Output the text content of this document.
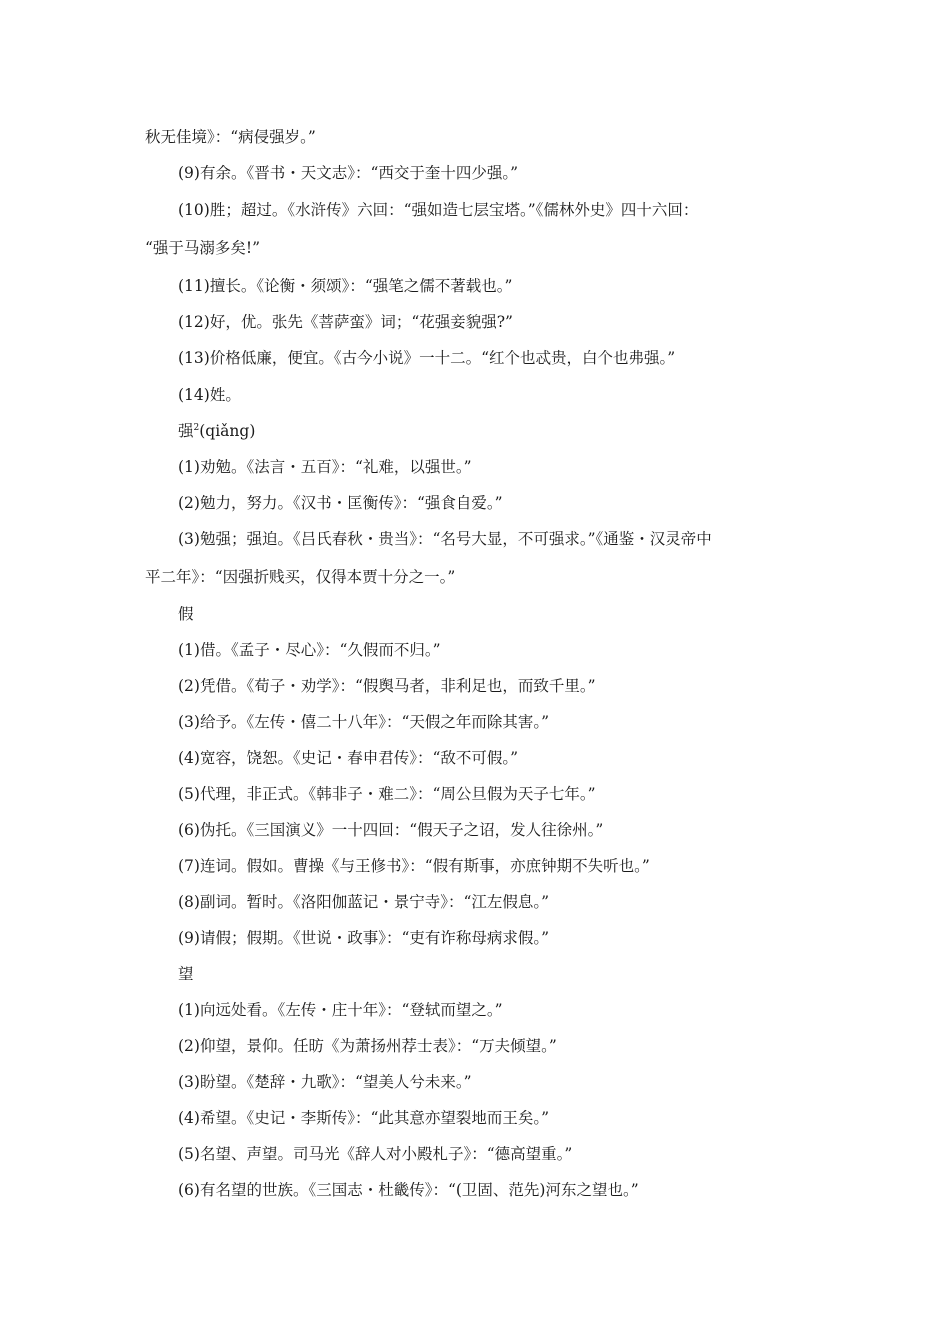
秋无佳境》：“病侵强岁。”
(9)有余。《晋书・天文志》：“西交于奎十四少强。”
(10)胜；超过。《水浒传》六回：“强如造七层宝塔。”《儒林外史》四十六回：
“强于马溺多矣!”
(11)擅长。《论衡・须颂》：“强笔之儒不著载也。”
(12)好，优。张先《菩萨蛮》词；“花强妾貌强?”
(13)价格低廉，便宜。《古今小说》一十二。“红个也忒贵，白个也弗强。”
(14)姓。
强$^2$(qiǎng)
(1)劝勉。《法言・五百》：“礼难，以强世。”
(2)勉力，努力。《汉书・匡衡传》：“强食自爱。”
(3)勉强；强迫。《吕氏春秋・贵当》：“名号大显，不可强求。”《通鉴・汉灵帝中
平二年》：“因强折贱买，仅得本贾十分之一。”
假
(1)借。《孟子・尽心》：“久假而不归。”
(2)凭借。《荀子・劝学》：“假舆马者，非利足也，而致千里。”
(3)给予。《左传・僖二十八年》：“天假之年而除其害。”
(4)宽容，饶恕。《史记・春申君传》：“敌不可假。”
(5)代理，非正式。《韩非子・难二》：“周公旦假为天子七年。”
(6)伪托。《三国演义》一十四回：“假天子之诏，发人往徐州。”
(7)连词。假如。曹操《与王修书》：“假有斯事，亦庶钟期不失听也。”
(8)副词。暂时。《洛阳伽蓝记・景宁寺》：“江左假息。”
(9)请假；假期。《世说・政事》：“吏有诈称母病求假。”
望
(1)向远处看。《左传・庄十年》：“登轼而望之。”
(2)仰望，景仰。任昉《为萧扬州荐士表》：“万夫倾望。”
(3)盼望。《楚辞・九歌》：“望美人兮未来。”
(4)希望。《史记・李斯传》：“此其意亦望裂地而王矣。”
(5)名望、声望。司马光《辞人对小殿札子》：“德高望重。”
(6)有名望的世族。《三国志・杜畿传》：“(卫固、范先)河东之望也。”
